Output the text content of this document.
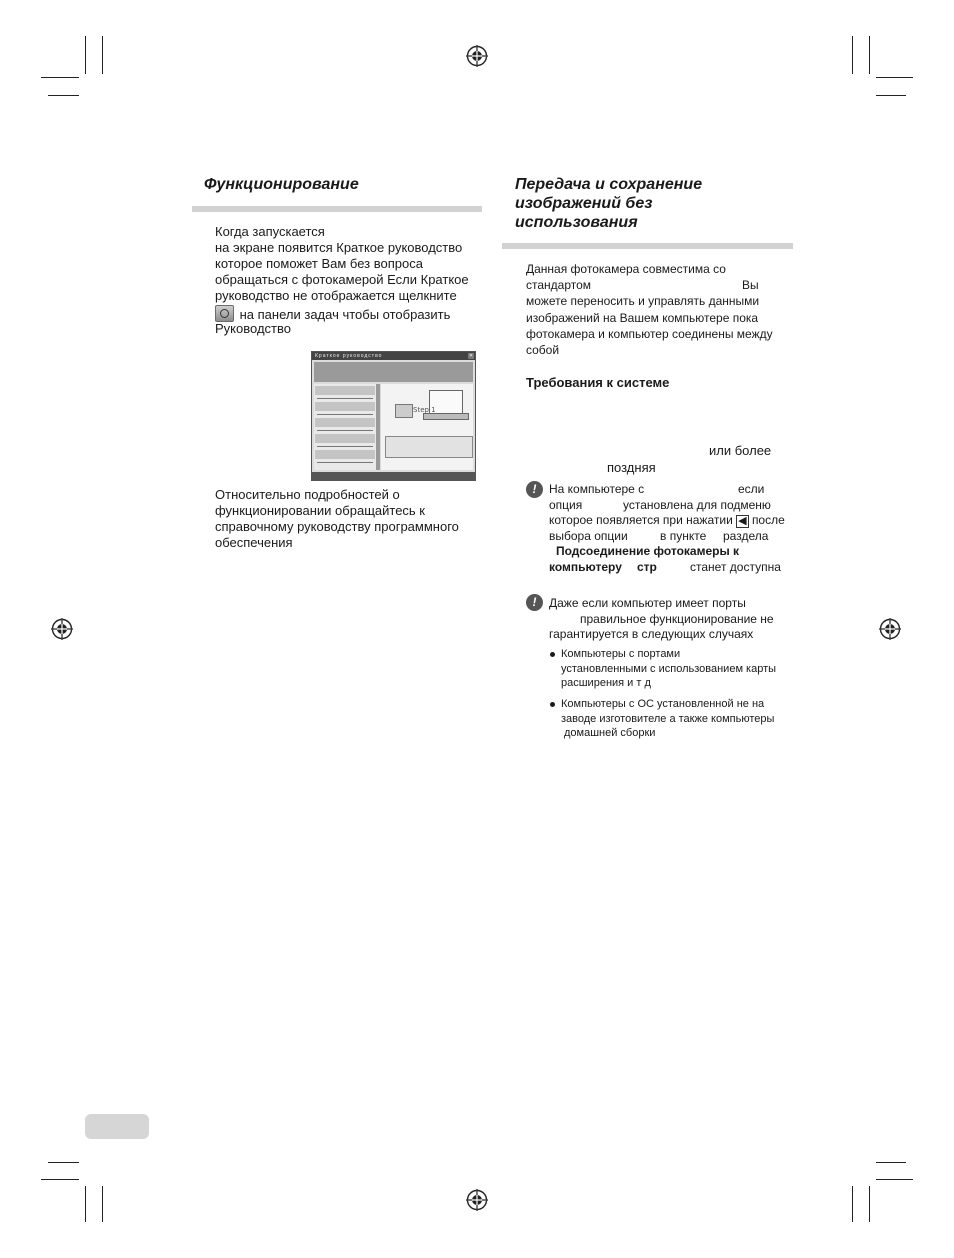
Функционирование
Когда запускается
на экране появится Краткое руководство
которое поможет Вам без вопроса
обращаться с фотокамерой Если Краткое
руководство не отображается щелкните
на панели задач чтобы отобразить
Руководство
Краткое руководство	✕
Step 1
Относительно подробностей о
функционировании обращайтесь к
справочному руководству программного
обеспечения
Передача и сохранение
изображений без
использования
Данная фотокамера совместима со
стандартом	Вы
можете переносить и управлять данными
изображений на Вашем компьютере пока
фотокамера и компьютер соединены между
собой
Требования к системе
или более
поздняя
!	На компьютере с	если
опция	установлена для подменю
которое появляется при нажатии ◀ после
выбора опции	в пункте раздела
Подсоединение фотокамеры к
компьютеру стр	станет доступна
!	Даже если компьютер имеет порты
правильное функционирование не
гарантируется в следующих случаях
Компьютеры с портами
установленными с использованием карты
расширения и т д
Компьютеры с ОС установленной не на
заводе изготовителе а также компьютеры
домашней сборки
